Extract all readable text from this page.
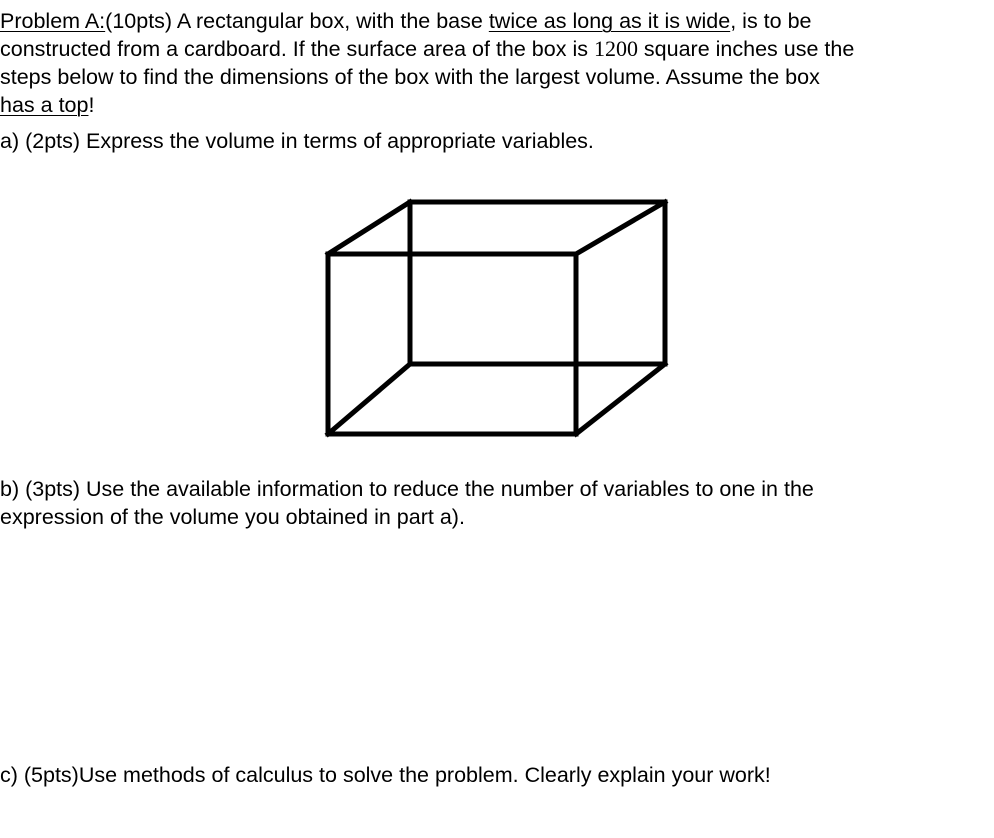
Problem A:(10pts) A rectangular box, with the base twice as long as it is wide, is to be
constructed from a cardboard. If the surface area of the box is 1200 square inches use the
steps below to find the dimensions of the box with the largest volume. Assume the box
has a top!
a) (2pts) Express the volume in terms of appropriate variables.
b) (3pts) Use the available information to reduce the number of variables to one in the
expression of the volume you obtained in part a).
c) (5pts)Use methods of calculus to solve the problem. Clearly explain your work!
